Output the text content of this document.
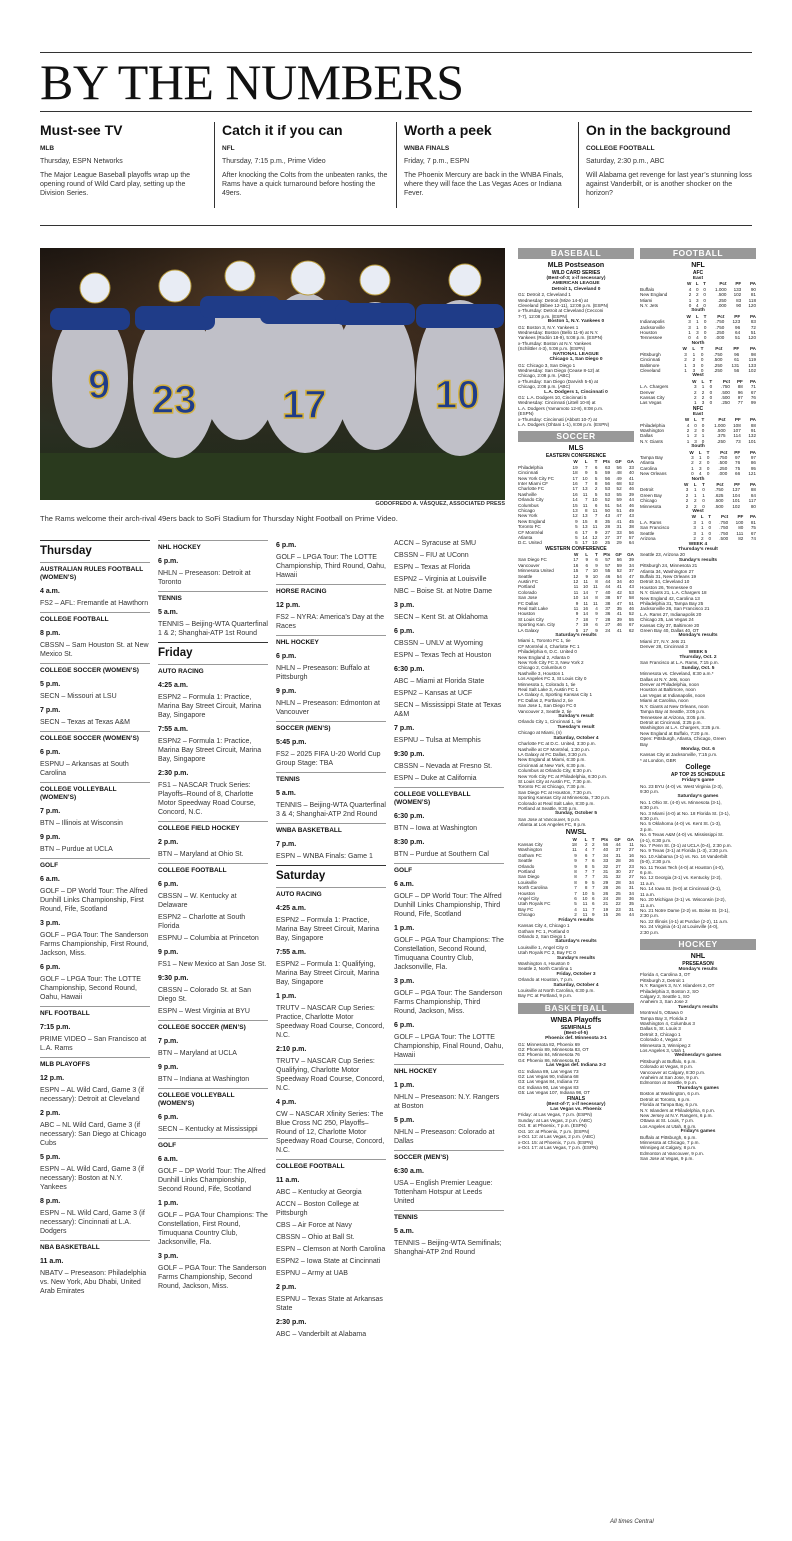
BY THE NUMBERS

Must-see TV

MLB

Thursday, ESPN Networks

The Major League Baseball playoffs wrap up the opening round of Wild Card play, setting up the Division Series.

Catch it if you can

NFL

Thursday, 7:15 p.m., Prime Video

After knocking the Colts from the unbeaten ranks, the Rams have a quick turnaround before hosting the 49ers.

Worth a peek

WNBA FINALS

Friday, 7 p.m., ESPN

The Phoenix Mercury are back in the WNBA Finals, where they will face the Las Vegas Aces or Indiana Fever.

On in the background

COLLEGE FOOTBALL

Saturday, 2:30 p.m., ABC

Will Alabama get revenge for last year’s stunning loss against Vanderbilt, or is another shocker on the horizon?

9 23 17	10
GODOFREDO A. VÁSQUEZ, ASSOCIATED PRESS
The Rams welcome their arch-rival 49ers back to SoFi Stadium for Thursday Night Football on Prime Video.
Thursday
AUSTRALIAN RULES FOOTBALL (WOMEN’S)
4 a.m.
FS2 – AFL: Fremantle at Hawthorn
COLLEGE FOOTBALL
8 p.m.
CBSSN – Sam Houston St. at New Mexico St.
COLLEGE SOCCER (WOMEN’S)
5 p.m.
SECN – Missouri at LSU
7 p.m.
SECN – Texas at Texas A&M
COLLEGE SOCCER (WOMEN’S)
6 p.m.
ESPNU – Arkansas at South Carolina
COLLEGE VOLLEYBALL (WOMEN’S)
7 p.m.
BTN – Illinois at Wisconsin
9 p.m.
BTN – Purdue at UCLA
GOLF
6 a.m.
GOLF – DP World Tour: The Alfred Dunhill Links Championship, First Round, Fife, Scotland
3 p.m.
GOLF – PGA Tour: The Sanderson Farms Championship, First Round, Jackson, Miss.
6 p.m.
GOLF – LPGA Tour: The LOTTE Championship, Second Round, Oahu, Hawaii
NFL FOOTBALL
7:15 p.m.
PRIME VIDEO – San Francisco at L.A. Rams
MLB PLAYOFFS
12 p.m.
ESPN – AL Wild Card, Game 3 (if necessary): Detroit at Cleveland
2 p.m.
ABC – NL Wild Card, Game 3 (if necessary): San Diego at Chicago Cubs
5 p.m.
ESPN – AL Wild Card, Game 3 (if necessary): Boston at N.Y. Yankees
8 p.m.
ESPN – NL Wild Card, Game 3 (if necessary): Cincinnati at L.A. Dodgers
NBA BASKETBALL
11 a.m.
NBATV – Preseason: Philadelphia vs. New York, Abu Dhabi, United Arab Emirates
NHL HOCKEY
6 p.m.
NHLN – Preseason: Detroit at Toronto
TENNIS
5 a.m.
TENNIS – Beijing-WTA Quarterfinal 1 & 2; Shanghai-ATP 1st Round
Friday
AUTO RACING
4:25 a.m.
ESPN2 – Formula 1: Practice, Marina Bay Street Circuit, Marina Bay, Singapore
7:55 a.m.
ESPN2 – Formula 1: Practice, Marina Bay Street Circuit, Marina Bay, Singapore
2:30 p.m.
FS1 – NASCAR Truck Series: Playoffs–Round of 8, Charlotte Motor Speedway Road Course, Concord, N.C.
COLLEGE FIELD HOCKEY
2 p.m.
BTN – Maryland at Ohio St.
COLLEGE FOOTBALL
6 p.m.
CBSSN – W. Kentucky at Delaware
ESPN2 – Charlotte at South Florida
ESPNU – Columbia at Princeton
9 p.m.
FS1 – New Mexico at San Jose St.
9:30 p.m.
CBSSN – Colorado St. at San Diego St.
ESPN – West Virginia at BYU
COLLEGE SOCCER (MEN’S)
7 p.m.
BTN – Maryland at UCLA
9 p.m.
BTN – Indiana at Washington
COLLEGE VOLLEYBALL (WOMEN’S)
6 p.m.
SECN – Kentucky at Mississippi
GOLF
6 a.m.
GOLF – DP World Tour: The Alfred Dunhill Links Championship, Second Round, Fife, Scotland
1 p.m.
GOLF – PGA Tour Champions: The Constellation, First Round, Timuquana Country Club, Jacksonville, Fla.
3 p.m.
GOLF – PGA Tour: The Sanderson Farms Championship, Second Round, Jackson, Miss.
6 p.m.
GOLF – LPGA Tour: The LOTTE Championship, Third Round, Oahu, Hawaii
HORSE RACING
12 p.m.
FS2 – NYRA: America’s Day at the Races
NHL HOCKEY
6 p.m.
NHLN – Preseason: Buffalo at Pittsburgh
9 p.m.
NHLN – Preseason: Edmonton at Vancouver
SOCCER (MEN’S)
5:45 p.m.
FS2 – 2025 FIFA U-20 World Cup Group Stage: TBA
TENNIS
5 a.m.
TENNIS – Beijing-WTA Quarterfinal 3 & 4; Shanghai-ATP 2nd Round
WNBA BASKETBALL
7 p.m.
ESPN – WNBA Finals: Game 1
Saturday
AUTO RACING
4:25 a.m.
ESPN2 – Formula 1: Practice, Marina Bay Street Circuit, Marina Bay, Singapore
7:55 a.m.
ESPN2 – Formula 1: Qualifying, Marina Bay Street Circuit, Marina Bay, Singapore
1 p.m.
TRUTV – NASCAR Cup Series: Practice, Charlotte Motor Speedway Road Course, Concord, N.C.
2:10 p.m.
TRUTV – NASCAR Cup Series: Qualifying, Charlotte Motor Speedway Road Course, Concord, N.C.
4 p.m.
CW – NASCAR Xfinity Series: The Blue Cross NC 250, Playoffs–Round of 12, Charlotte Motor Speedway Road Course, Concord, N.C.
COLLEGE FOOTBALL
11 a.m.
ABC – Kentucky at Georgia
ACCN – Boston College at Pittsburgh
CBS – Air Force at Navy
CBSSN – Ohio at Ball St.
ESPN – Clemson at North Carolina
ESPN2 – Iowa State at Cincinnati
ESPNU – Army at UAB
2 p.m.
ESPNU – Texas State at Arkansas State
2:30 p.m.
ABC – Vanderbilt at Alabama
ACCN – Syracuse at SMU
CBSSN – FIU at UConn
ESPN – Texas at Florida
ESPN2 – Virginia at Louisville
NBC – Boise St. at Notre Dame
3 p.m.
SECN – Kent St. at Oklahoma
6 p.m.
CBSSN – UNLV at Wyoming
ESPN – Texas Tech at Houston
6:30 p.m.
ABC – Miami at Florida State
ESPN2 – Kansas at UCF
SECN – Mississippi State at Texas A&M
7 p.m.
ESPNU – Tulsa at Memphis
9:30 p.m.
CBSSN – Nevada at Fresno St.
ESPN – Duke at California
COLLEGE VOLLEYBALL (WOMEN’S)
6:30 p.m.
BTN – Iowa at Washington
8:30 p.m.
BTN – Purdue at Southern Cal
GOLF
6 a.m.
GOLF – DP World Tour: The Alfred Dunhill Links Championship, Third Round, Fife, Scotland
1 p.m.
GOLF – PGA Tour Champions: The Constellation, Second Round, Timuquana Country Club, Jacksonville, Fla.
3 p.m.
GOLF – PGA Tour: The Sanderson Farms Championship, Third Round, Jackson, Miss.
6 p.m.
GOLF – LPGA Tour: The LOTTE Championship, Final Round, Oahu, Hawaii
NHL HOCKEY
1 p.m.
NHLN – Preseason: N.Y. Rangers at Boston
5 p.m.
NHLN – Preseason: Colorado at Dallas
SOCCER (MEN’S)
6:30 a.m.
USA – English Premier League: Tottenham Hotspur at Leeds United
TENNIS
5 a.m.
TENNIS – Beijing-WTA Semifinals; Shanghai-ATP 2nd Round
BASEBALL
MLB Postseason
WILD CARD SERIES
(Best-of-3; x-if necessary)
AMERICAN LEAGUE
Detroit 1, Cleveland 0
G1: Detroit 2, Cleveland 1
Wednesday: Detroit (Mize 14-6) at
Cleveland (Bibee 12-11), 12:08 p.m. (ESPN)
x-Thursday: Detroit at Cleveland (Cecconi
7-7), 12:08 p.m. (ESPN)
Boston 1, N.Y. Yankees 0
G1: Boston 3, N.Y. Yankees 1
Wednesday: Boston (Bello 11-9) at N.Y.
Yankees (Rodón 18-9), 5:08 p.m. (ESPN)
x-Thursday: Boston at N.Y. Yankees
(Schlittler 4-3), 5:08 p.m. (ESPN)
NATIONAL LEAGUE
Chicago 1, San Diego 0
G1: Chicago 3, San Diego 1
Wednesday: San Diego (Cease 8-12) at
Chicago, 2:08 p.m. (ABC)
x-Thursday: San Diego (Darvish 5-5) at
Chicago, 2:08 p.m. (ABC)
L.A. Dodgers 1, Cincinnati 0
G1: L.A. Dodgers 10, Cincinnati 5
Wednesday: Cincinnati (Littell 10-8) at
L.A. Dodgers (Yamamoto 12-8), 8:08 p.m.
(ESPN)
x-Thursday: Cincinnati (Abbott 10-7) at
L.A. Dodgers (Ohtani 1-1), 8:08 p.m. (ESPN)
SOCCER
MLS
EASTERN CONFERENCE
	W	L	T	Pts	GF	GA
Philadelphia	19	7	6	63	56	33
Cincinnati	18	9	5	59	48	40
New York City FC	17	10	5	56	49	41
Inter Miami CF	16	7	8	56	68	52
Charlotte FC	17	13	2	53	52	46
Nashville	16	11	5	53	55	39
Orlando City	14	7	10	52	59	44
Columbus	15	11	6	51	54	46
Chicago	13	8	11	50	51	49
New York	12	13	7	43	47	43
New England	9	15	8	35	41	45
Toronto FC	5	13	11	28	31	38
CF Montréal	6	17	9	27	33	56
Atlanta	5	14	12	27	37	57
D.C. United	5	17	10	25	29	64
WESTERN CONFERENCE
	W	L	T	Pts	GF	GA
San Diego FC	17	9	6	57	56	39
Vancouver	16	6	9	57	59	34
Minnesota United	15	7	10	55	52	37
Seattle	12	9	10	46	54	47
Austin FC	12	11	8	44	34	40
Portland	11	10	11	44	41	43
Colorado	11	14	7	40	42	53
San Jose	10	14	8	38	57	58
FC Dallas	9	11	11	38	47	51
Real Salt Lake	11	16	4	37	35	46
Houston	9	14	9	36	41	52
St Louis City	7	18	7	28	39	55
Sporting Kan. City	7	19	6	27	46	67
LA Galaxy	5	17	9	24	41	62
Saturday’s results
Miami 1, Toronto FC 1, tie
CF Montréal 4, Charlotte FC 1
Philadelphia 6, D.C. United 0
New England 2, Atlanta 0
New York City FC 3, New York 2
Chicago 2, Columbus 0
Nashville 3, Houston 1
Los Angeles FC 3, St Louis City 0
Minnesota 1, Colorado 1, tie
Real Salt Lake 3, Austin FC 1
LA Galaxy 4, Sporting Kansas City 1
FC Dallas 2, Portland 2, tie
San Jose 1, San Diego FC 0
Vancouver 2, Seattle 2, tie
Sunday’s result
Orlando City 1, Cincinnati 1, tie
Tuesday’s result
Chicago at Miami, (n)
Saturday, October 4
Charlotte FC at D.C. United, 3:30 p.m.
Nashville at CF Montréal, 1:30 p.m.
LA Galaxy at FC Dallas, 3:30 p.m.
New England at Miami, 6:30 p.m.
Cincinnati at New York, 6:30 p.m.
Columbus at Orlando City, 6:30 p.m.
New York City FC at Philadelphia, 6:30 p.m.
St Louis City at Austin FC, 7:30 p.m.
Toronto FC at Chicago, 7:30 p.m.
San Diego FC at Houston, 7:30 p.m.
Sporting Kansas City at Minnesota, 7:30 p.m.
Colorado at Real Salt Lake, 8:30 p.m.
Portland at Seattle, 9:30 p.m.
Sunday, October 5
San Jose at Vancouver, 5 p.m.
Atlanta at Los Angeles FC, 8 p.m.
NWSL
	W	L	T	Pts	GF	GA
Kansas City	18	2	2	56	44	11
Washington	11	4	7	40	37	27
Gotham FC	9	6	7	34	31	16
Seattle	9	7	6	33	28	26
Orlando	9	8	5	32	27	23
Portland	8	7	7	31	30	27
San Diego	8	7	7	31	32	27
Louisville	8	9	5	29	28	34
North Carolina	7	8	7	28	26	31
Houston	7	10	5	26	25	34
Angel City	6	10	6	24	28	36
Utah Royals FC	5	11	6	21	22	35
Bay FC	4	11	7	19	23	31
Chicago	2	11	9	15	26	44
Friday’s results
Kansas City 4, Chicago 1
Gotham FC 1, Portland 0
Orlando 2, San Diego 1
Saturday’s results
Louisville 1, Angel City 0
Utah Royals FC 2, Bay FC 0
Sunday’s results
Washington 4, Houston 0
Seattle 2, North Carolina 1
Friday, October 3
Orlando at Houston, 7 p.m.
Saturday, October 4
Louisville at North Carolina, 6:30 p.m.
Bay FC at Portland, 9 p.m.
BASKETBALL
WNBA Playoffs
SEMIFINALS
(Best-of-5)
Phoenix def. Minnesota 3-1
G1: Minnesota 82, Phoenix 69
G2: Phoenix 89, Minnesota 83, OT
G3: Phoenix 84, Minnesota 76
G4: Phoenix 86, Minnesota 81
Las Vegas def. Indiana 3-2
G1: Indiana 89, Las Vegas 73
G2: Las Vegas 90, Indiana 68
G3: Las Vegas 84, Indiana 72
G4: Indiana 90, Las Vegas 83
G5: Las Vegas 107, Indiana 98, OT
FINALS
(Best-of-7; x-if necessary)
Las Vegas vs. Phoenix
Friday: at Las Vegas, 7 p.m. (ESPN)
Sunday: at Las Vegas, 2 p.m. (ABC)
Oct. 8: at Phoenix, 7 p.m. (ESPN)
Oct. 10: at Phoenix, 7 p.m. (ESPN)
x-Oct. 12: at Las Vegas, 2 p.m. (ABC)
x-Oct. 15: at Phoenix, 7 p.m. (ESPN)
x-Oct. 17: at Las Vegas, 7 p.m. (ESPN)
FOOTBALL
NFL
AFC
East
	W	L	T	Pct	PF	PA
Buffalo	4	0	0	1.000	133	90
New England	2	2	0	.500	102	81
Miami	1	3	0	.250	83	118
N.Y. Jets	0	4	0	.000	90	120
South
	W	L	T	Pct	PF	PA
Indianapolis	3	1	0	.750	123	83
Jacksonville	3	1	0	.750	96	72
Houston	1	3	0	.250	64	51
Tennessee	0	4	0	.000	51	120
North
	W	L	T	Pct	PF	PA
Pittsburgh	3	1	0	.750	96	98
Cincinnati	2	2	0	.500	61	119
Baltimore	1	3	0	.250	131	133
Cleveland	1	3	0	.250	56	102
West
	W	L	T	Pct	PF	PA
L.A. Chargers	3	1	0	.750	88	71
Denver	2	2	0	.500	96	67
Kansas City	2	2	0	.500	97	76
Las Vegas	1	3	0	.250	77	99
NFC
East
	W	L	T	Pct	PF	PA
Philadelphia	4	0	0	1.000	108	88
Washington	2	2	0	.500	107	91
Dallas	1	2	1	.375	114	132
N.Y. Giants	1	3	0	.250	73	101
South
	W	L	T	Pct	PF	PA
Tampa Bay	3	1	0	.750	97	97
Atlanta	2	2	0	.500	76	86
Carolina	1	3	0	.250	75	95
New Orleans	0	4	0	.000	66	121
North
	W	L	T	Pct	PF	PA
Detroit	3	1	0	.750	137	88
Green Bay	2	1	1	.625	104	84
Chicago	2	2	0	.500	101	117
Minnesota	2	2	0	.500	102	80
West
	W	L	T	Pct	PF	PA
L.A. Rams	3	1	0	.750	100	81
San Francisco	3	1	0	.750	80	75
Seattle	3	1	0	.750	111	67
Arizona	2	2	0	.500	82	74
WEEK 4
Thursday’s result
Seattle 23, Arizona 20
Sunday’s results
Pittsburgh 24, Minnesota 21
Atlanta 34, Washington 27
Buffalo 31, New Orleans 19
Detroit 34, Cleveland 10
Houston 26, Tennessee 0
N.Y. Giants 21, L.A. Chargers 18
New England 42, Carolina 13
Philadelphia 31, Tampa Bay 25
Jacksonville 26, San Francisco 21
L.A. Rams 27, Indianapolis 20
Chicago 25, Las Vegas 24
Kansas City 37, Baltimore 20
Green Bay 40, Dallas 40, OT
Monday’s results
Miami 27, N.Y. Jets 21
Denver 28, Cincinnati 3
WEEK 5
Thursday, Oct. 2
San Francisco at L.A. Rams, 7:15 p.m.
Sunday, Oct. 5
Minnesota vs. Cleveland, 8:30 a.m.*
Dallas at N.Y. Jets, noon
Denver at Philadelphia, noon
Houston at Baltimore, noon
Las Vegas at Indianapolis, noon
Miami at Carolina, noon
N.Y. Giants at New Orleans, noon
Tampa Bay at Seattle, 3:05 p.m.
Tennessee at Arizona, 3:05 p.m.
Detroit at Cincinnati, 3:25 p.m.
Washington at L.A. Chargers, 3:25 p.m.
New England at Buffalo, 7:20 p.m.
Open: Pittsburgh, Atlanta, Chicago, Green
Bay
Monday, Oct. 6
Kansas City at Jacksonville, 7:15 p.m.
* at London, GBR
College
AP TOP 25 SCHEDULE
Friday’s game
No. 23 BYU (4-0) vs. West Virginia (2-3),
9:30 p.m.
Saturday’s games
No. 1 Ohio St. (4-0) vs. Minnesota (3-1),
6:30 p.m.
No. 3 Miami (4-0) at No. 18 Florida St. (3-1),
6:30 p.m.
No. 5 Oklahoma (4-0) vs. Kent St. (1-3),
3 p.m.
No. 6 Texas A&M (4-0) vs. Mississippi St.
(4-1), 6:30 p.m.
No. 7 Penn St. (3-1) at UCLA (0-4), 2:30 p.m.
No. 9 Texas (3-1) at Florida (1-3), 2:30 p.m.
No. 10 Alabama (3-1) vs. No. 16 Vanderbilt
(5-0), 2:30 p.m.
No. 11 Texas Tech (4-0) at Houston (4-0),
6 p.m.
No. 12 Georgia (3-1) vs. Kentucky (2-2),
11 a.m.
No. 14 Iowa St. (5-0) at Cincinnati (3-1),
11 a.m.
No. 20 Michigan (3-1) vs. Wisconsin (2-2),
11 a.m.
No. 21 Notre Dame (2-2) vs. Boise St. (3-1),
2:30 p.m.
No. 22 Illinois (4-1) at Purdue (2-2), 11 a.m.
No. 24 Virginia (4-1) at Louisville (4-0),
2:30 p.m.
HOCKEY
NHL
PRESEASON
Monday’s results
Florida 4, Carolina 3, OT
Pittsburgh 2, Detroit 1
N.Y. Rangers 3, N.Y. Islanders 2, OT
Philadelphia 3, Boston 2, SO
Calgary 2, Seattle 1, SO
Anaheim 3, San Jose 2
Tuesday’s results
Montreal 5, Ottawa 0
Tampa Bay 3, Florida 2
Washington 4, Columbus 3
Dallas 5, St. Louis 3
Detroit 3, Chicago 1
Colorado 4, Vegas 2
Minnesota 3, Winnipeg 2
Los Angeles 3, Utah 1
Wednesday’s games
Pittsburgh at Buffalo, 6 p.m.
Colorado at Vegas, 8 p.m.
Vancouver at Calgary, 8:30 p.m.
Anaheim at San Jose, 9 p.m.
Edmonton at Seattle, 9 p.m.
Thursday’s games
Boston at Washington, 6 p.m.
Detroit at Toronto, 6 p.m.
Florida at Tampa Bay, 6 p.m.
N.Y. Islanders at Philadelphia, 6 p.m.
New Jersey at N.Y. Rangers, 6 p.m.
Ottawa at St. Louis, 7 p.m.
Los Angeles at Utah, 8 p.m.
Friday’s games
Buffalo at Pittsburgh, 6 p.m.
Minnesota at Chicago, 7 p.m.
Winnipeg at Calgary, 8 p.m.
Edmonton at Vancouver, 9 p.m.
San Jose at Vegas, 9 p.m.
All times Central
